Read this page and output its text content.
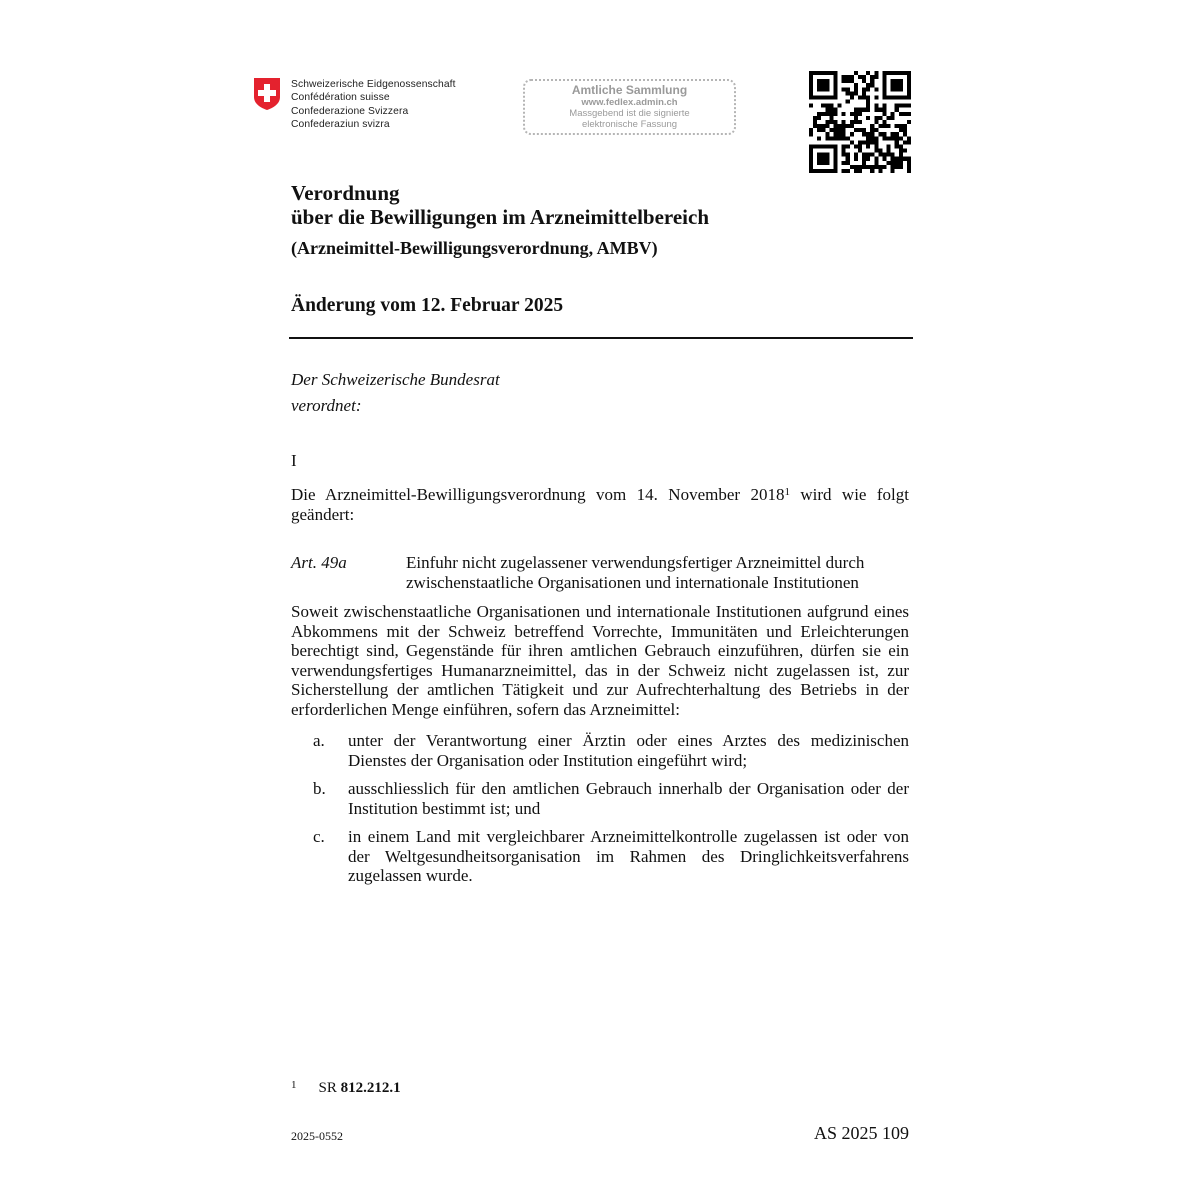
Schweizerische Eidgenossenschaft
Confédération suisse
Confederazione Svizzera
Confederaziun svizra
Amtliche Sammlung
www.fedlex.admin.ch
Massgebend ist die signierte
elektronische Fassung
Verordnung
über die Bewilligungen im Arzneimittelbereich
(Arzneimittel-Bewilligungsverordnung, AMBV)
Änderung vom 12. Februar 2025
Der Schweizerische Bundesrat
verordnet:
I
Die Arzneimittel-Bewilligungsverordnung vom 14. November 2018$^1$ wird wie folgt geändert:
Art. 49a	Einfuhr nicht zugelassener verwendungsfertiger Arzneimittel durch zwischenstaatliche Organisationen und internationale Institutionen
Soweit zwischenstaatliche Organisationen und internationale Institutionen aufgrund eines Abkommens mit der Schweiz betreffend Vorrechte, Immunitäten und Erleichterungen berechtigt sind, Gegenstände für ihren amtlichen Gebrauch einzuführen, dürfen sie ein verwendungsfertiges Humanarzneimittel, das in der Schweiz nicht zugelassen ist, zur Sicherstellung der amtlichen Tätigkeit und zur Aufrechterhaltung des Betriebs in der erforderlichen Menge einführen, sofern das Arzneimittel:
a. unter der Verantwortung einer Ärztin oder eines Arztes des medizinischen Dienstes der Organisation oder Institution eingeführt wird;
b. ausschliesslich für den amtlichen Gebrauch innerhalb der Organisation oder der Institution bestimmt ist; und
c. in einem Land mit vergleichbarer Arzneimittelkontrolle zugelassen ist oder von der Weltgesundheitsorganisation im Rahmen des Dringlichkeitsverfahrens zugelassen wurde.
$^1$ SR 812.212.1
2025-0552	AS 2025 109
